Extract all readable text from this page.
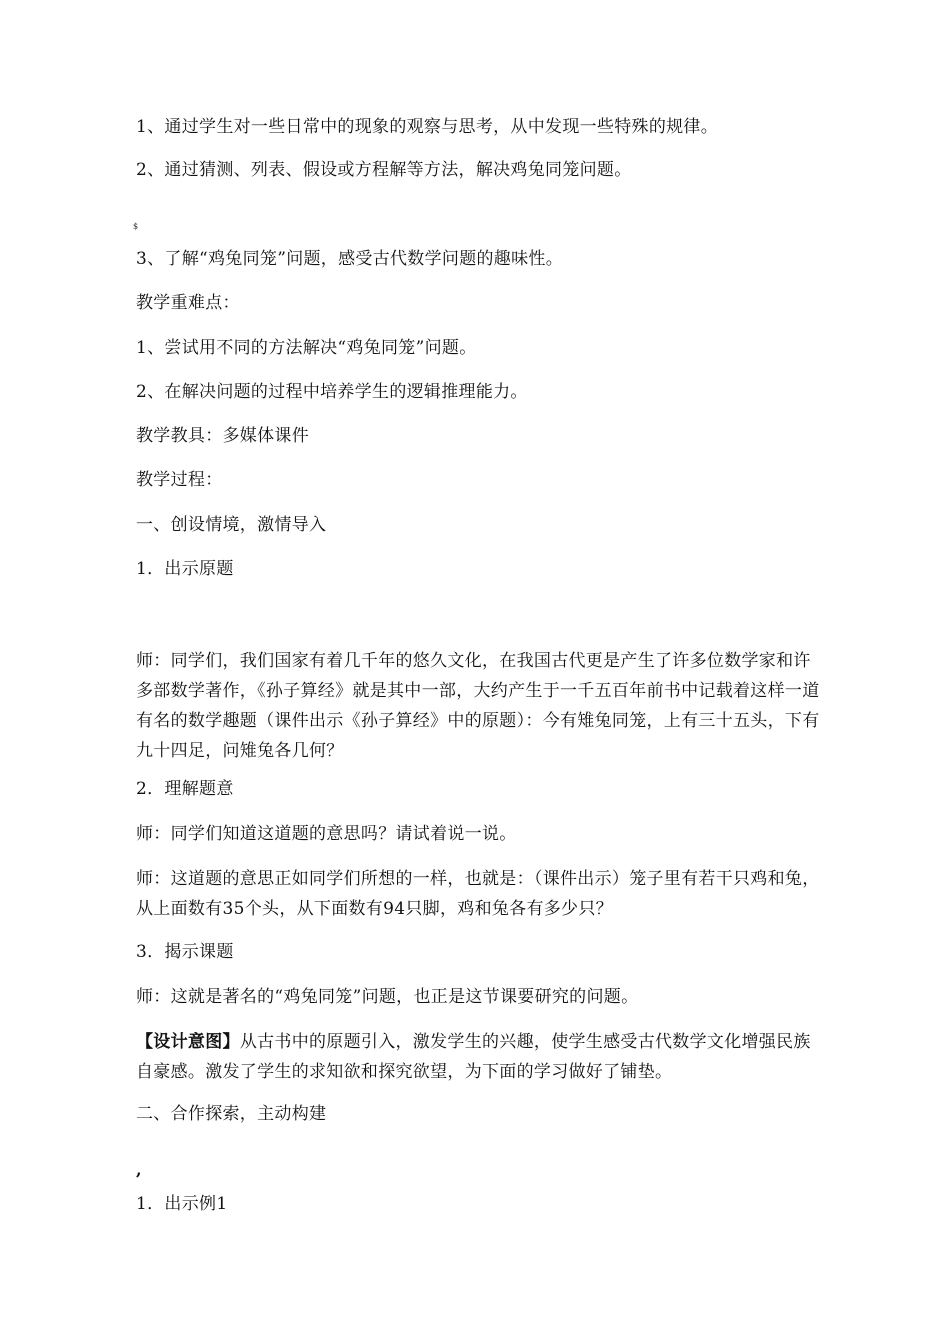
1、通过学生对一些日常中的现象的观察与思考，从中发现一些特殊的规律。
2、通过猜测、列表、假设或方程解等方法，解决鸡兔同笼问题。
$
3、了解“鸡兔同笼”问题，感受古代数学问题的趣味性。
教学重难点：
1、尝试用不同的方法解决“鸡兔同笼”问题。
2、在解决问题的过程中培养学生的逻辑推理能力。
教学教具：多媒体课件
教学过程：
一、创设情境，激情导入
1．出示原题
师：同学们，我们国家有着几千年的悠久文化，在我国古代更是产生了许多位数学家和许多部数学著作，《孙子算经》就是其中一部，大约产生于一千五百年前书中记载着这样一道有名的数学趣题（课件出示《孙子算经》中的原题）：今有雉兔同笼，上有三十五头，下有九十四足，问雉兔各几何？
2．理解题意
师：同学们知道这道题的意思吗？请试着说一说。
师：这道题的意思正如同学们所想的一样，也就是：（课件出示）笼子里有若干只鸡和兔，从上面数有35个头，从下面数有94只脚，鸡和兔各有多少只？
3．揭示课题
师：这就是著名的“鸡兔同笼”问题，也正是这节课要研究的问题。
【设计意图】从古书中的原题引入，激发学生的兴趣，使学生感受古代数学文化增强民族自豪感。激发了学生的求知欲和探究欲望，为下面的学习做好了铺垫。
二、合作探索，主动构建
,
1．出示例1
